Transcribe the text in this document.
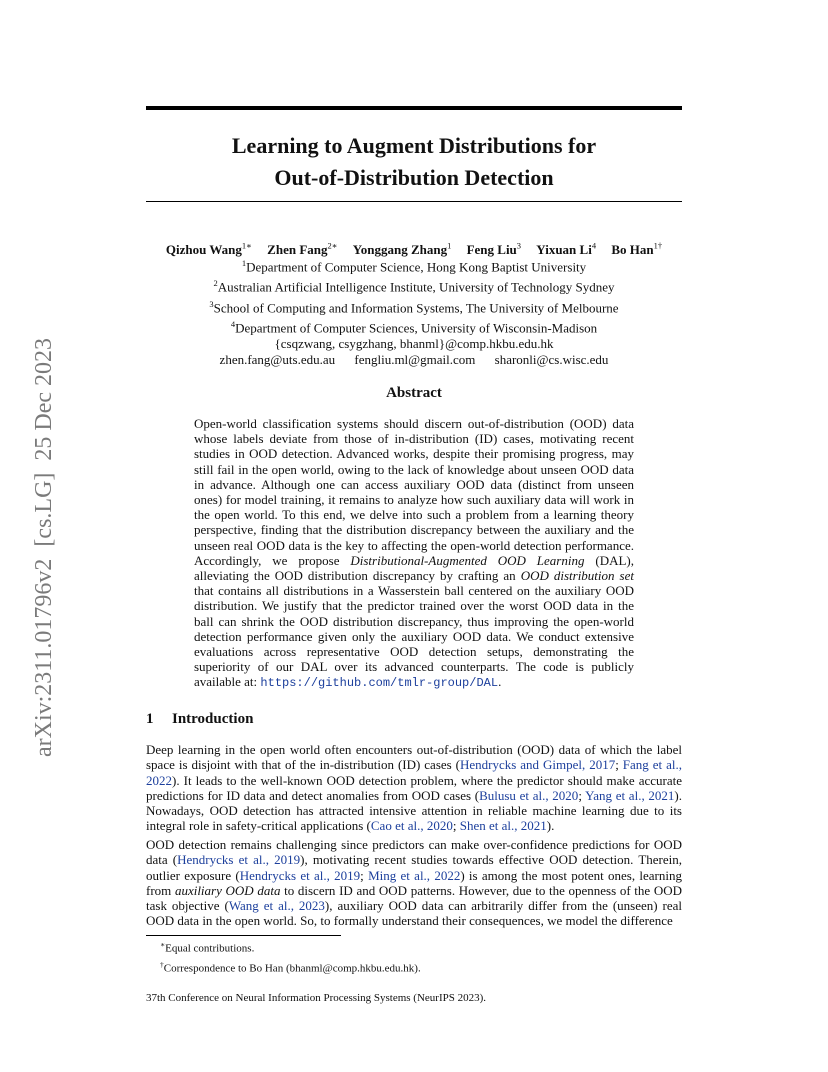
arXiv:2311.01796v2  [cs.LG]  25 Dec 2023
Learning to Augment Distributions for
Out-of-Distribution Detection
Qizhou Wang$^{1∗}$ Zhen Fang$^{2∗}$ Yonggang Zhang$^1$ Feng Liu$^3$ Yixuan Li$^4$ Bo Han$^{1\dagger}$
$^1$Department of Computer Science, Hong Kong Baptist University
$^2$Australian Artificial Intelligence Institute, University of Technology Sydney
$^3$School of Computing and Information Systems, The University of Melbourne
$^4$Department of Computer Sciences, University of Wisconsin-Madison
{csqzwang, csygzhang, bhanml}@comp.hkbu.edu.hk
zhen.fang@uts.edu.au fengliu.ml@gmail.com sharonli@cs.wisc.edu
Abstract

Open-world classification systems should discern out-of-distribution (OOD) data whose labels deviate from those of in-distribution (ID) cases, motivating recent studies in OOD detection. Advanced works, despite their promising progress, may still fail in the open world, owing to the lack of knowledge about unseen OOD data in advance. Although one can access auxiliary OOD data (distinct from unseen ones) for model training, it remains to analyze how such auxiliary data will work in the open world. To this end, we delve into such a problem from a learning theory perspective, finding that the distribution discrepancy between the auxiliary and the unseen real OOD data is the key to affecting the open-world detection performance. Accordingly, we propose Distributional-Augmented OOD Learning (DAL), alleviating the OOD distribution discrepancy by crafting an OOD distribution set that contains all distributions in a Wasserstein ball centered on the auxiliary OOD distribution. We justify that the predictor trained over the worst OOD data in the ball can shrink the OOD distribution discrepancy, thus improving the open-world detection performance given only the auxiliary OOD data. We conduct extensive evaluations across representative OOD detection setups, demonstrating the superiority of our DAL over its advanced counterparts. The code is publicly available at: https://github.com/tmlr-group/DAL.

1 Introduction

Deep learning in the open world often encounters out-of-distribution (OOD) data of which the label space is disjoint with that of the in-distribution (ID) cases (Hendrycks and Gimpel, 2017; Fang et al., 2022). It leads to the well-known OOD detection problem, where the predictor should make accurate predictions for ID data and detect anomalies from OOD cases (Bulusu et al., 2020; Yang et al., 2021). Nowadays, OOD detection has attracted intensive attention in reliable machine learning due to its integral role in safety-critical applications (Cao et al., 2020; Shen et al., 2021).

OOD detection remains challenging since predictors can make over-confidence predictions for OOD data (Hendrycks et al., 2019), motivating recent studies towards effective OOD detection. Therein, outlier exposure (Hendrycks et al., 2019; Ming et al., 2022) is among the most potent ones, learning from auxiliary OOD data to discern ID and OOD patterns. However, due to the openness of the OOD task objective (Wang et al., 2023), auxiliary OOD data can arbitrarily differ from the (unseen) real OOD data in the open world. So, to formally understand their consequences, we model the difference

∗Equal contributions.
†Correspondence to Bo Han (bhanml@comp.hkbu.edu.hk).
37th Conference on Neural Information Processing Systems (NeurIPS 2023).
